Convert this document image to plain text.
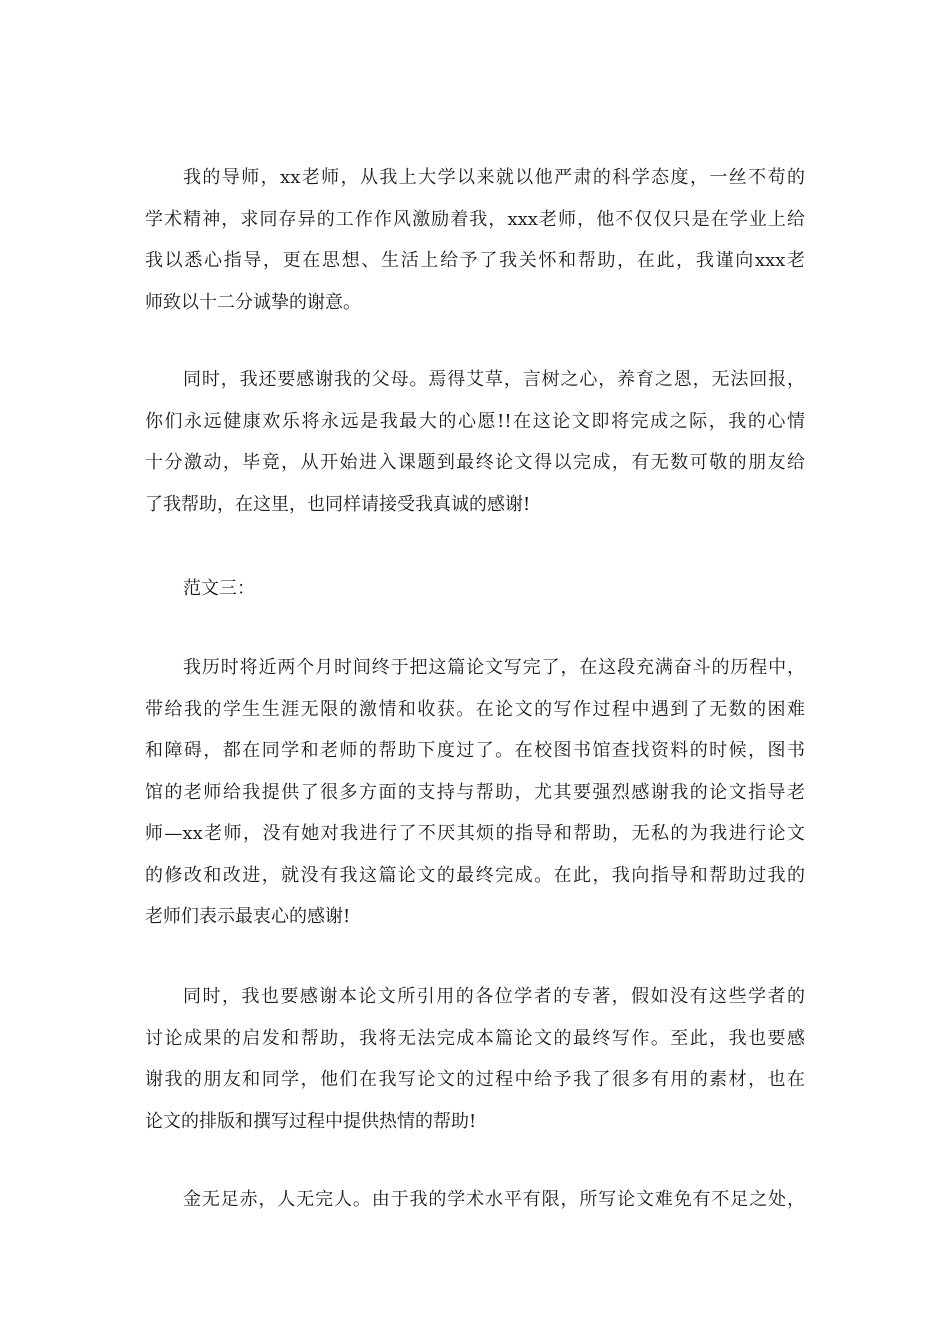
我的导师，xx老师，从我上大学以来就以他严肃的科学态度，一丝不苟的
学术精神，求同存异的工作作风激励着我，xxx老师，他不仅仅只是在学业上给
我以悉心指导，更在思想、生活上给予了我关怀和帮助，在此，我谨向xxx老
师致以十二分诚挚的谢意。

同时，我还要感谢我的父母。焉得艾草，言树之心，养育之恩，无法回报，
你们永远健康欢乐将永远是我最大的心愿!!在这论文即将完成之际，我的心情
十分激动，毕竟，从开始进入课题到最终论文得以完成，有无数可敬的朋友给
了我帮助，在这里，也同样请接受我真诚的感谢!

范文三：

我历时将近两个月时间终于把这篇论文写完了，在这段充满奋斗的历程中，
带给我的学生生涯无限的激情和收获。在论文的写作过程中遇到了无数的困难
和障碍，都在同学和老师的帮助下度过了。在校图书馆查找资料的时候，图书
馆的老师给我提供了很多方面的支持与帮助，尤其要强烈感谢我的论文指导老
师—xx老师，没有她对我进行了不厌其烦的指导和帮助，无私的为我进行论文
的修改和改进，就没有我这篇论文的最终完成。在此，我向指导和帮助过我的
老师们表示最衷心的感谢!

同时，我也要感谢本论文所引用的各位学者的专著，假如没有这些学者的
讨论成果的启发和帮助，我将无法完成本篇论文的最终写作。至此，我也要感
谢我的朋友和同学，他们在我写论文的过程中给予我了很多有用的素材，也在
论文的排版和撰写过程中提供热情的帮助!

金无足赤，人无完人。由于我的学术水平有限，所写论文难免有不足之处，
